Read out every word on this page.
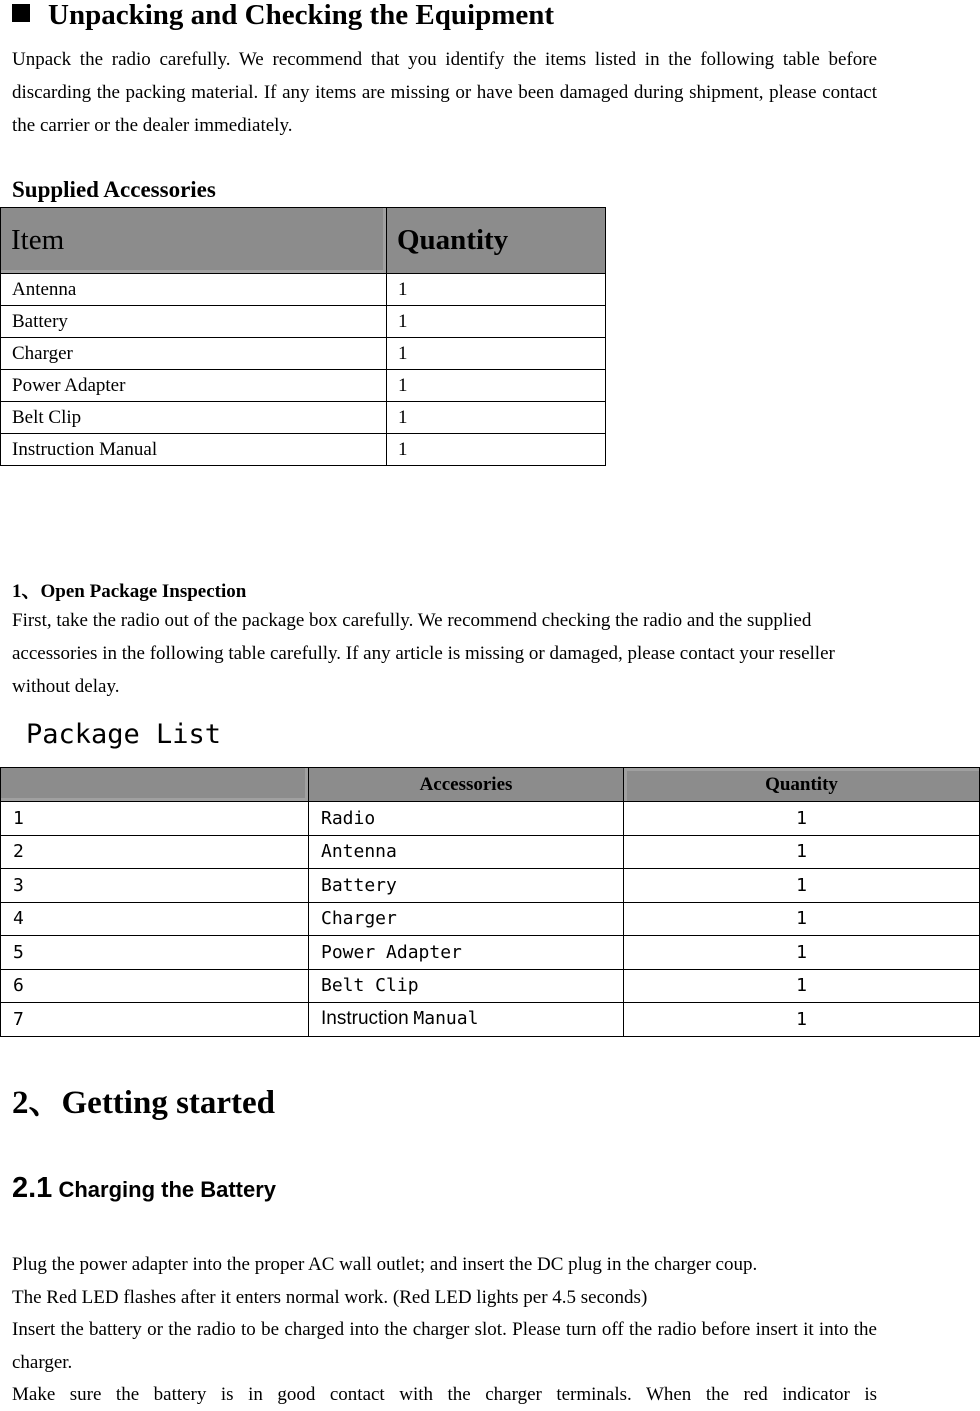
Unpacking and Checking the Equipment
Unpack the radio carefully. We recommend that you identify the items listed in the following table before discarding the packing material. If any items are missing or have been damaged during shipment, please contact the carrier or the dealer immediately.
Supplied Accessories
Item	Quantity
Antenna	1
Battery	1
Charger	1
Power Adapter	1
Belt Clip	1
Instruction Manual	1
1、Open Package Inspection
First, take the radio out of the package box carefully. We recommend checking the radio and the supplied accessories in the following table carefully. If any article is missing or damaged, please contact your reseller without delay.
Package List
	Accessories	Quantity
1	Radio	1
2	Antenna	1
3	Battery	1
4	Charger	1
5	Power Adapter	1
6	Belt Clip	1
7	Instruction Manual	1
2、Getting started
2.1 Charging the Battery
Plug the power adapter into the proper AC wall outlet; and insert the DC plug in the charger coup.
The Red LED flashes after it enters normal work. (Red LED lights per 4.5 seconds)
Insert the battery or the radio to be charged into the charger slot. Please turn off the radio before insert it into the charger.
Make sure the battery is in good contact with the charger terminals. When the red indicator is
